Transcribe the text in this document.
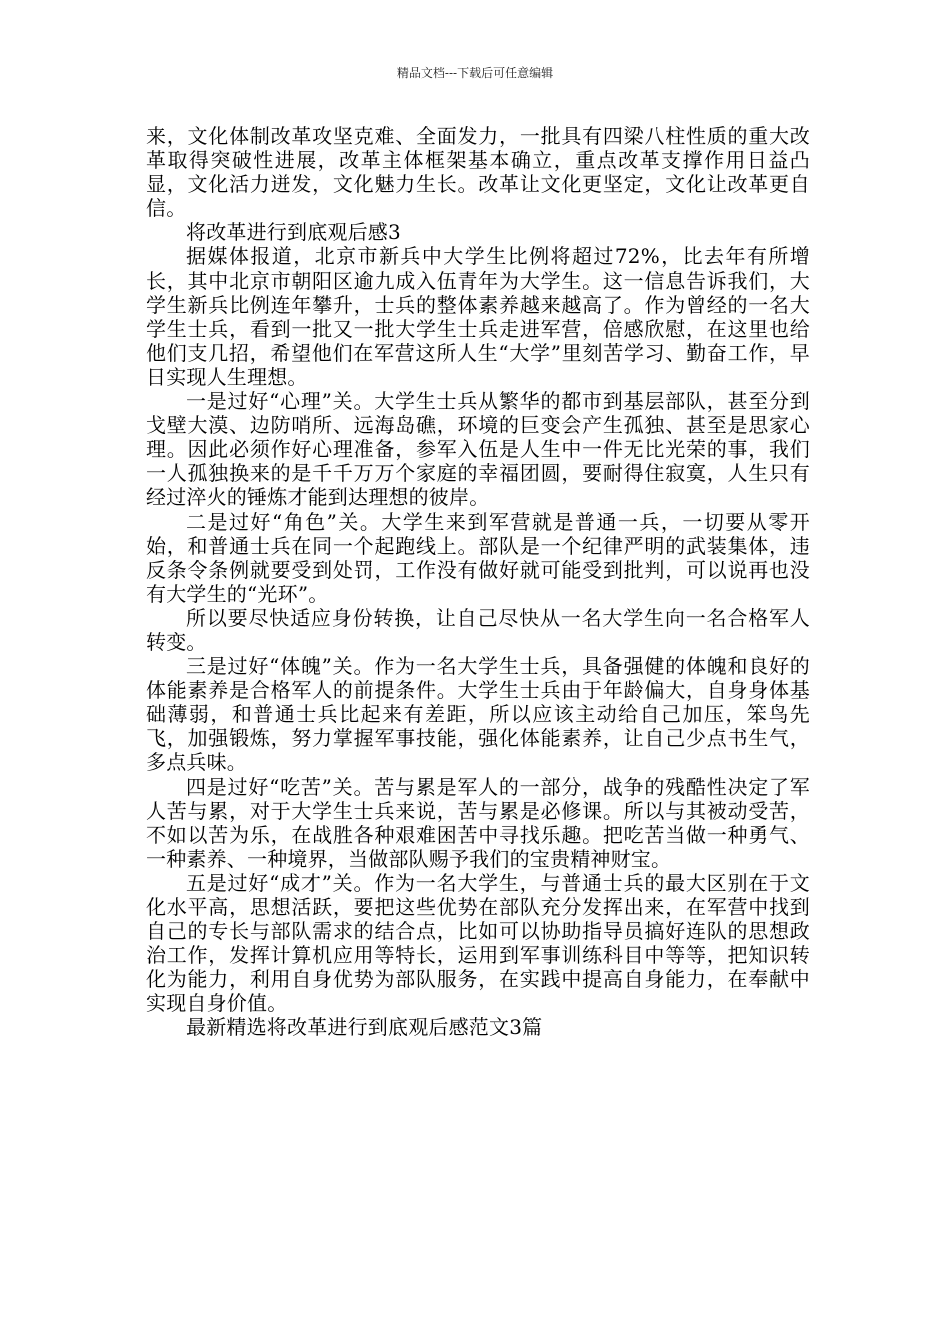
精品文档---下载后可任意编辑

来，文化体制改革攻坚克难、全面发力，一批具有四梁八柱性质的重大改革取得突破性进展，改革主体框架基本确立，重点改革支撑作用日益凸显，文化活力迸发，文化魅力生长。改革让文化更坚定，文化让改革更自信。

将改革进行到底观后感3

据媒体报道，北京市新兵中大学生比例将超过72%，比去年有所增长，其中北京市朝阳区逾九成入伍青年为大学生。这一信息告诉我们，大学生新兵比例连年攀升，士兵的整体素养越来越高了。作为曾经的一名大学生士兵，看到一批又一批大学生士兵走进军营，倍感欣慰，在这里也给他们支几招，希望他们在军营这所人生“大学”里刻苦学习、勤奋工作，早日实现人生理想。

一是过好“心理”关。大学生士兵从繁华的都市到基层部队，甚至分到戈壁大漠、边防哨所、远海岛礁，环境的巨变会产生孤独、甚至是思家心理。因此必须作好心理准备，参军入伍是人生中一件无比光荣的事，我们一人孤独换来的是千千万万个家庭的幸福团圆，要耐得住寂寞，人生只有经过淬火的锤炼才能到达理想的彼岸。

二是过好“角色”关。大学生来到军营就是普通一兵，一切要从零开始，和普通士兵在同一个起跑线上。部队是一个纪律严明的武装集体，违反条令条例就要受到处罚，工作没有做好就可能受到批判，可以说再也没有大学生的“光环”。

所以要尽快适应身份转换，让自己尽快从一名大学生向一名合格军人转变。

三是过好“体魄”关。作为一名大学生士兵，具备强健的体魄和良好的体能素养是合格军人的前提条件。大学生士兵由于年龄偏大，自身身体基础薄弱，和普通士兵比起来有差距，所以应该主动给自己加压，笨鸟先飞，加强锻炼，努力掌握军事技能，强化体能素养，让自己少点书生气，多点兵味。

四是过好“吃苦”关。苦与累是军人的一部分，战争的残酷性决定了军人苦与累，对于大学生士兵来说，苦与累是必修课。所以与其被动受苦，不如以苦为乐，在战胜各种艰难困苦中寻找乐趣。把吃苦当做一种勇气、一种素养、一种境界，当做部队赐予我们的宝贵精神财宝。

五是过好“成才”关。作为一名大学生，与普通士兵的最大区别在于文化水平高，思想活跃，要把这些优势在部队充分发挥出来，在军营中找到自己的专长与部队需求的结合点，比如可以协助指导员搞好连队的思想政治工作，发挥计算机应用等特长，运用到军事训练科目中等等，把知识转化为能力，利用自身优势为部队服务，在实践中提高自身能力，在奉献中实现自身价值。

最新精选将改革进行到底观后感范文3篇
